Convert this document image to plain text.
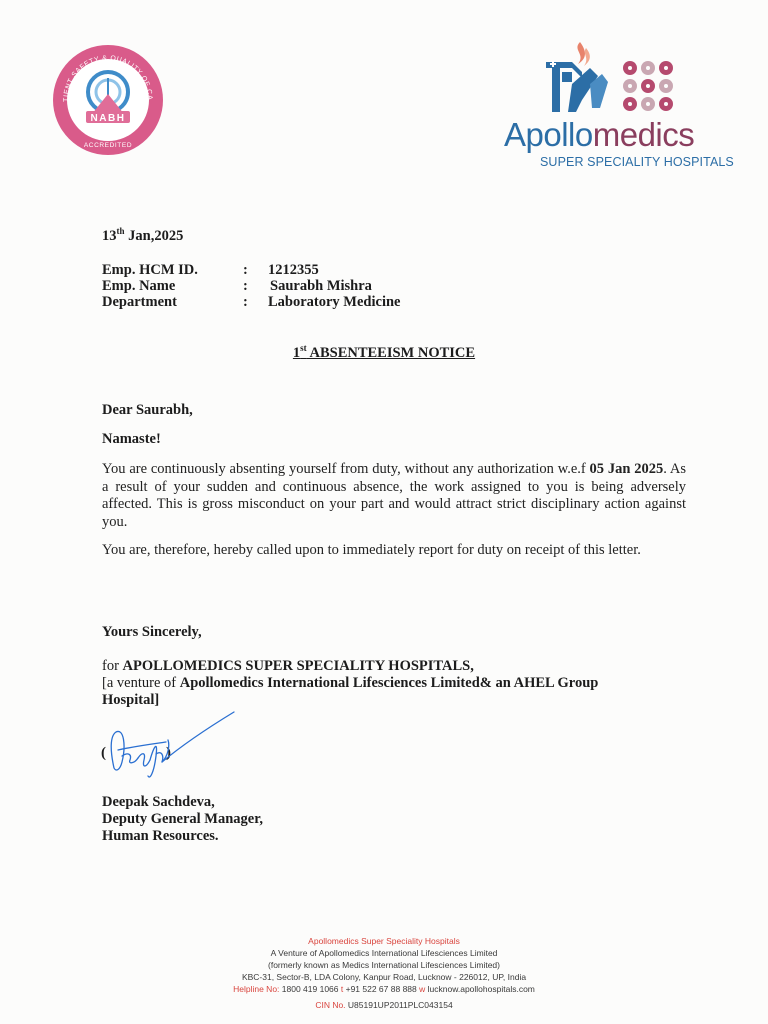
TIENT SAFETY & QUALITY OF CA
NABH
ACCREDITED	Apollomedics
SUPER SPECIALITY HOSPITALS
13th Jan,2025
Emp. HCM ID.	: 1212355
Emp. Name	: Saurabh Mishra
Department	: Laboratory Medicine
1st ABSENTEEISM NOTICE
Dear Saurabh,
Namaste!
You are continuously absenting yourself from duty, without any authorization w.e.f 05 Jan 2025. As a result of your sudden and continuous absence, the work assigned to you is being adversely affected. This is gross misconduct on your part and would attract strict disciplinary action against you.
You are, therefore, hereby called upon to immediately report for duty on receipt of this letter.
Yours Sincerely,
for APOLLOMEDICS SUPER SPECIALITY HOSPITALS,
[a venture of Apollomedics International Lifesciences Limited& an AHEL Group
Hospital]
(	)
Deepak Sachdeva,
Deputy General Manager,
Human Resources.
Apollomedics Super Speciality Hospitals
A Venture of Apollomedics International Lifesciences Limited
(formerly known as Medics International Lifesciences Limited)
KBC-31, Sector-B, LDA Colony, Kanpur Road, Lucknow - 226012, UP, India
Helpline No: 1800 419 1066 t +91 522 67 88 888 w lucknow.apollohospitals.com
CIN No. U85191UP2011PLC043154
